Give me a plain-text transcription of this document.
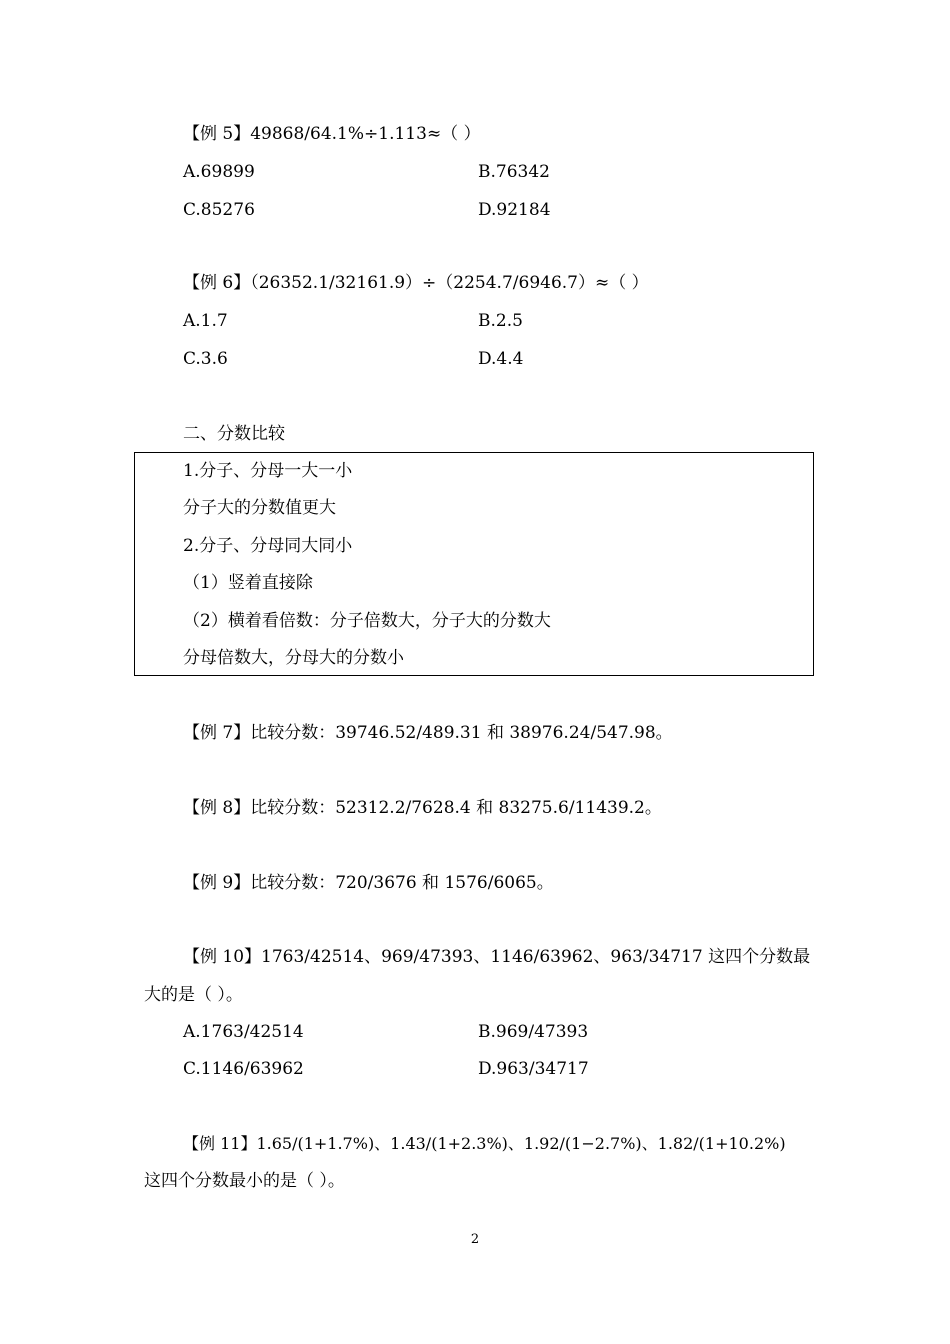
【例 5】49868/64.1%÷1.113≈（ ）
A.69899	B.76342
C.85276	D.92184
【例 6】（26352.1/32161.9）÷（2254.7/6946.7）≈（ ）
A.1.7	B.2.5
C.3.6	D.4.4
二、分数比较
1.分子、分母一大一小
分子大的分数值更大
2.分子、分母同大同小
（1）竖着直接除
（2）横着看倍数：分子倍数大，分子大的分数大
分母倍数大，分母大的分数小
【例 7】比较分数：39746.52/489.31 和 38976.24/547.98。
【例 8】比较分数：52312.2/7628.4 和 83275.6/11439.2。
【例 9】比较分数：720/3676 和 1576/6065。
【例 10】1763/42514、969/47393、1146/63962、963/34717 这四个分数最
大的是（ ）。
A.1763/42514	B.969/47393
C.1146/63962	D.963/34717
【例 11】1.65/(1+1.7%)、1.43/(1+2.3%)、1.92/(1−2.7%)、1.82/(1+10.2%)
这四个分数最小的是（ ）。
2
